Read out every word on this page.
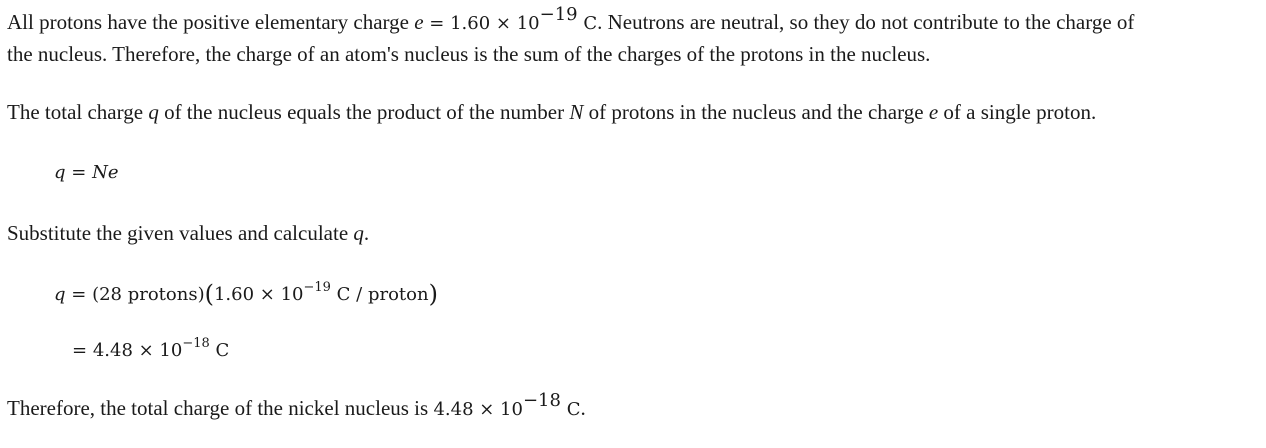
All protons have the positive elementary charge $e = 1.60 \times 10^{-19}$ C. Neutrons are neutral, so they do not contribute to the charge of
the nucleus. Therefore, the charge of an atom's nucleus is the sum of the charges of the protons in the nucleus.
The total charge q of the nucleus equals the product of the number N of protons in the nucleus and the charge e of a single proton.
q = Ne
Substitute the given values and calculate q.
q = (28 protons)(1.60 × $10^{-19}$ C / proton)
= $4.48 \times 10^{-18}$ C
Therefore, the total charge of the nickel nucleus is $4.48 \times 10^{-18}$ C.
